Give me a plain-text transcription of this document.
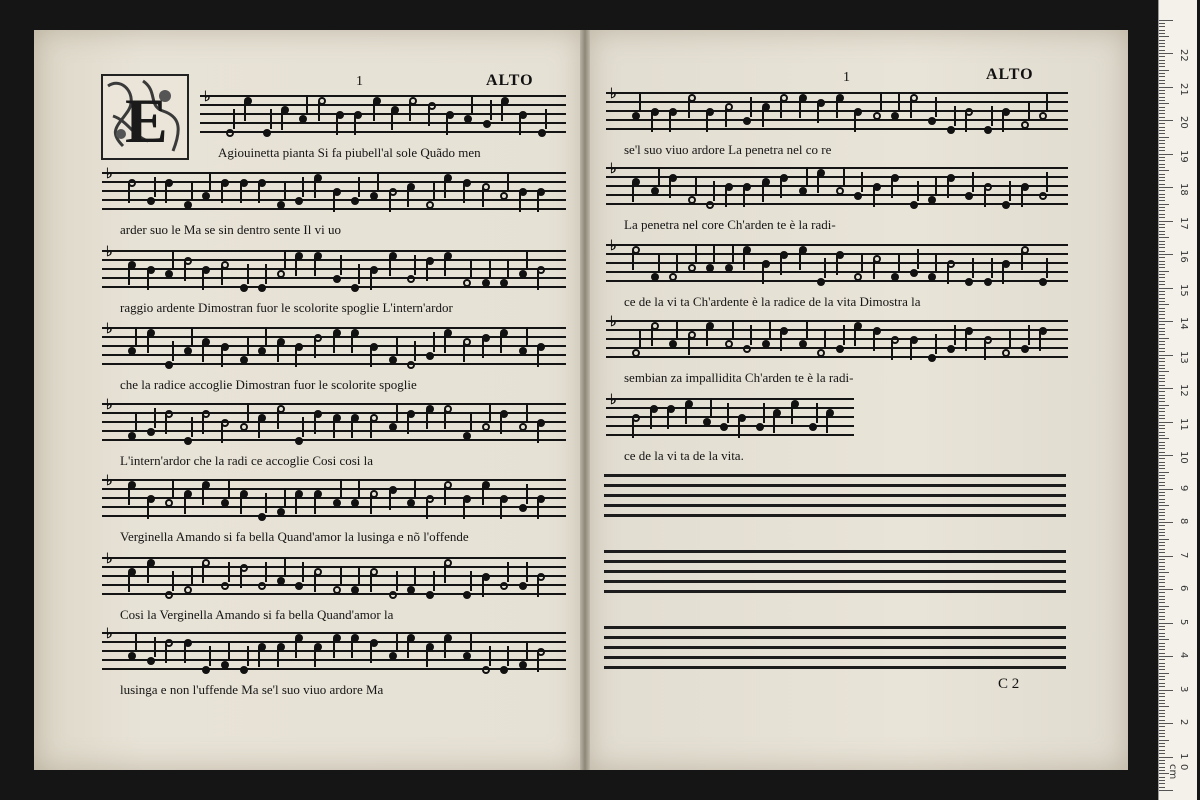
1	ALTO
E	♭
Agiouinetta pianta Si fa piubell'al sole Quãdo men
♭
arder suo le Ma se sin dentro sente Il vi uo
♭
raggio ardente Dimostran fuor le scolorite spoglie L'intern'ardor
♭
che la radice accoglie Dimostran fuor le scolorite spoglie
♭
L'intern'ardor che la radi ce accoglie Cosi cosi la
♭
Verginella Amando si fa bella Quand'amor la lusinga e nõ l'offende
♭
Cosi la Verginella Amando si fa bella Quand'amor la
♭
lusinga e non l'uffende Ma se'l suo viuo ardore Ma
1	ALTO
♭
se'l suo viuo ardore La penetra nel co re
♭
La penetra nel core Ch'arden te è la radi-
♭
ce de la vi ta Ch'ardente è la radice de la vita Dimostra la
♭
sembian za impallidita Ch'arden te è la radi-
♭
ce de la vi ta de la vita.
C 2
0 cm
1
2
3
4
5
6
7
8
9
10
11
12
13
14
15
16
17
18
19
20
21
22
